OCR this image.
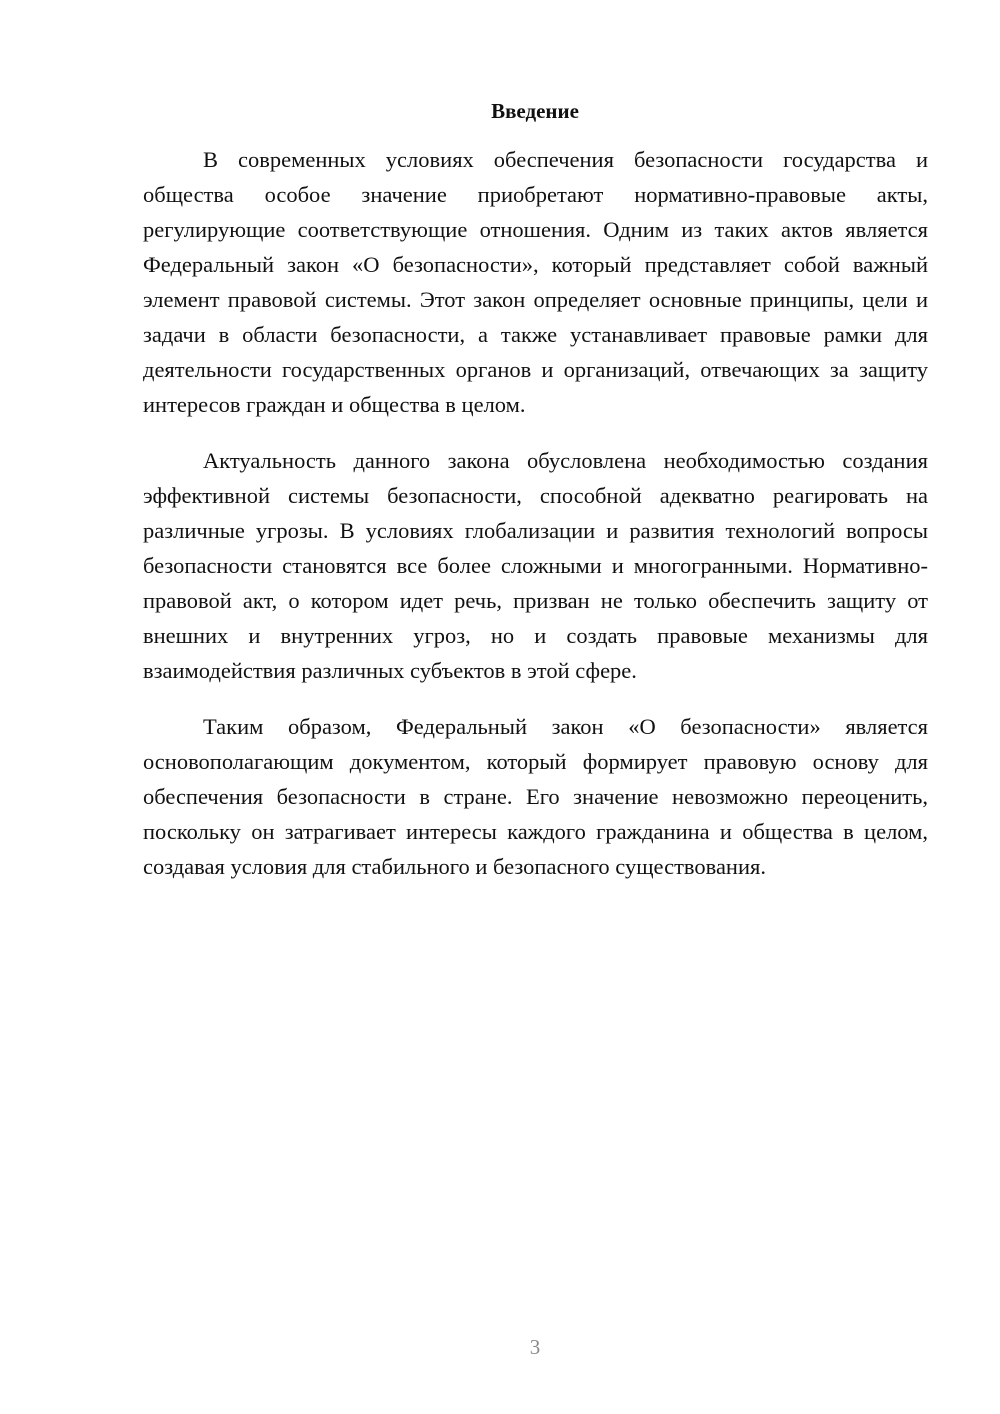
Введение

В современных условиях обеспечения безопасности государства и общества особое значение приобретают нормативно-правовые акты, регулирующие соответствующие отношения. Одним из таких актов является Федеральный закон «О безопасности», который представляет собой важный элемент правовой системы. Этот закон определяет основные принципы, цели и задачи в области безопасности, а также устанавливает правовые рамки для деятельности государственных органов и организаций, отвечающих за защиту интересов граждан и общества в целом.

Актуальность данного закона обусловлена необходимостью создания эффективной системы безопасности, способной адекватно реагировать на различные угрозы. В условиях глобализации и развития технологий вопросы безопасности становятся все более сложными и многогранными. Нормативно-правовой акт, о котором идет речь, призван не только обеспечить защиту от внешних и внутренних угроз, но и создать правовые механизмы для взаимодействия различных субъектов в этой сфере.

Таким образом, Федеральный закон «О безопасности» является основополагающим документом, который формирует правовую основу для обеспечения безопасности в стране. Его значение невозможно переоценить, поскольку он затрагивает интересы каждого гражданина и общества в целом, создавая условия для стабильного и безопасного существования.

3
